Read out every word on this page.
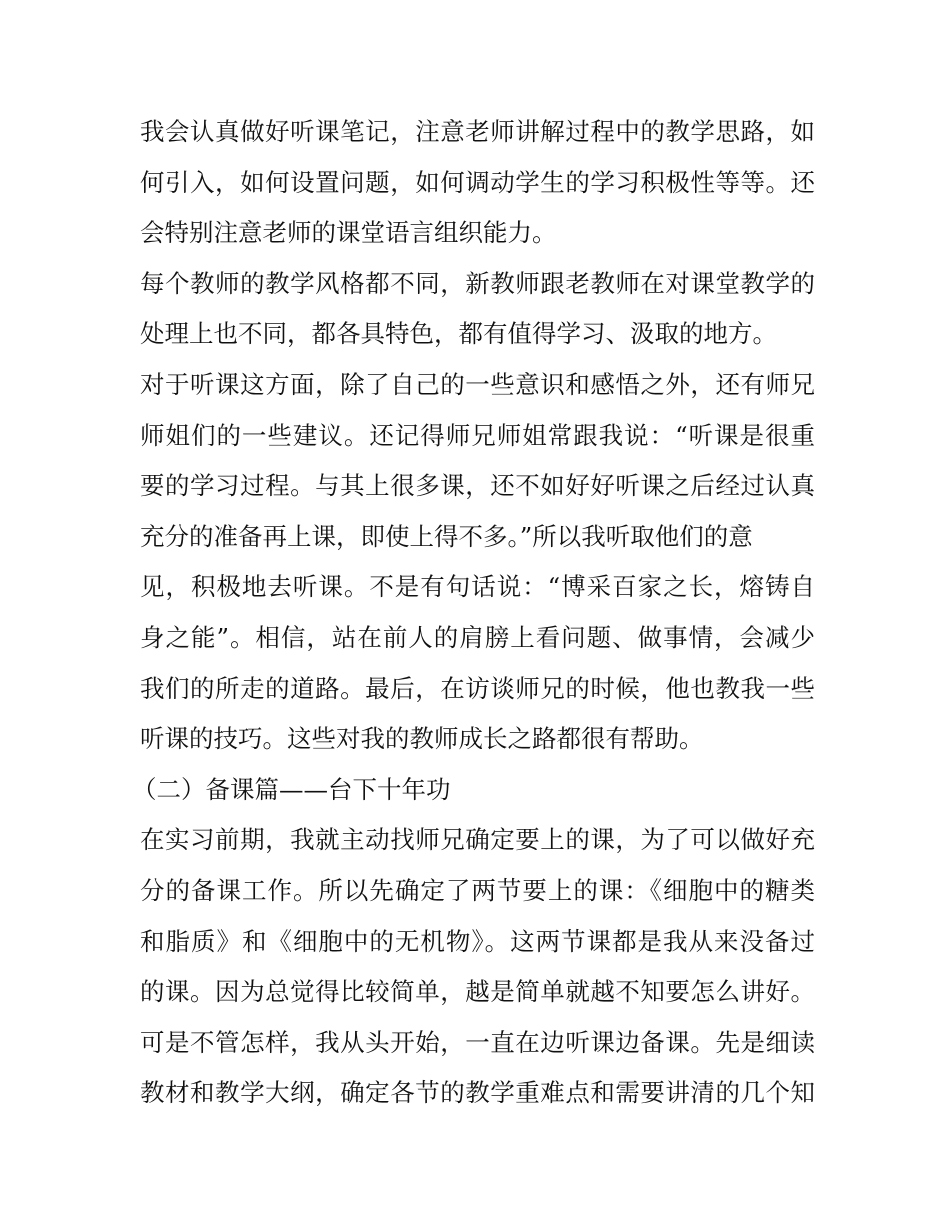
我会认真做好听课笔记，注意老师讲解过程中的教学思路，如
何引入，如何设置问题，如何调动学生的学习积极性等等。还
会特别注意老师的课堂语言组织能力。
每个教师的教学风格都不同，新教师跟老教师在对课堂教学的
处理上也不同，都各具特色，都有值得学习、汲取的地方。
对于听课这方面，除了自己的一些意识和感悟之外，还有师兄
师姐们的一些建议。还记得师兄师姐常跟我说：“听课是很重
要的学习过程。与其上很多课，还不如好好听课之后经过认真
充分的准备再上课，即使上得不多。”所以我听取他们的意
见，积极地去听课。不是有句话说：“博采百家之长，熔铸自
身之能”。相信，站在前人的肩膀上看问题、做事情，会减少
我们的所走的道路。最后，在访谈师兄的时候，他也教我一些
听课的技巧。这些对我的教师成长之路都很有帮助。
（二）备课篇——台下十年功
在实习前期，我就主动找师兄确定要上的课，为了可以做好充
分的备课工作。所以先确定了两节要上的课：《细胞中的糖类
和脂质》和《细胞中的无机物》。这两节课都是我从来没备过
的课。因为总觉得比较简单，越是简单就越不知要怎么讲好。
可是不管怎样，我从头开始，一直在边听课边备课。先是细读
教材和教学大纲，确定各节的教学重难点和需要讲清的几个知
